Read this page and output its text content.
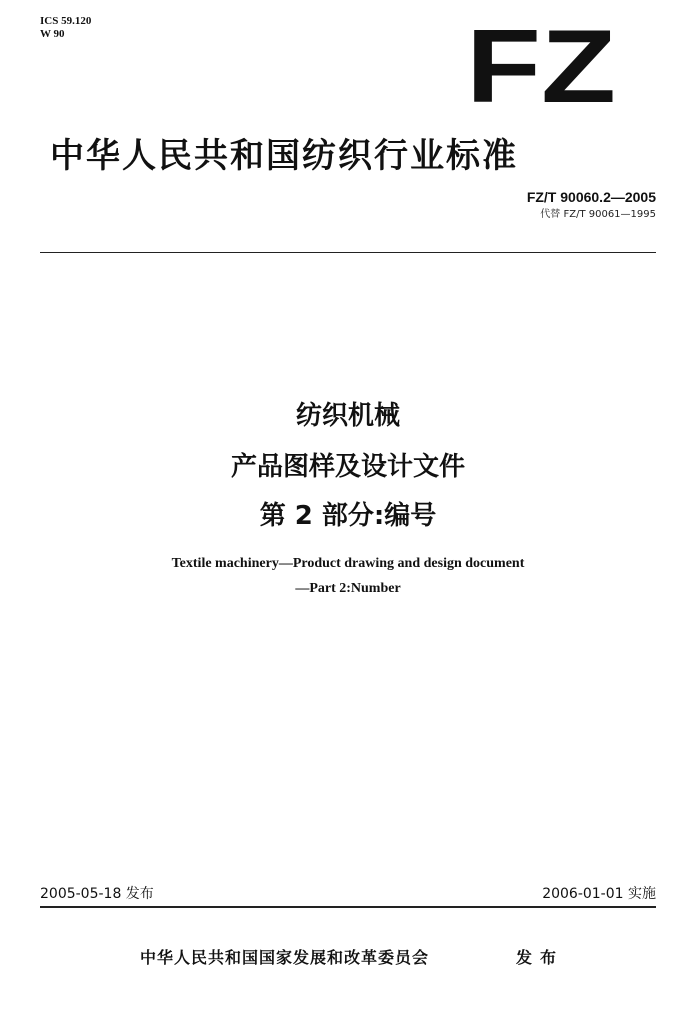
ICS 59.120
W 90	FZ
中华人民共和国纺织行业标准
FZ/T 90060.2—2005
代替 FZ/T 90061—1995
纺织机械
产品图样及设计文件
第 2 部分:编号
Textile machinery—Product drawing and design document
—Part 2:Number
2005-05-18 发布	2006-01-01 实施
中华人民共和国国家发展和改革委员会	发布
